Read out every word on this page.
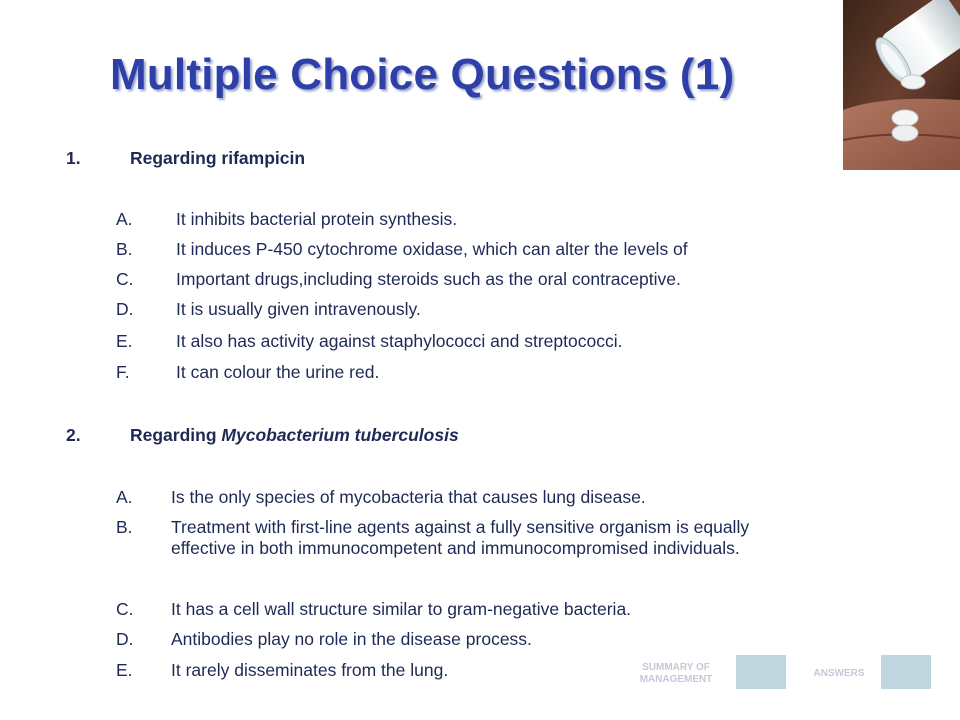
Multiple Choice Questions (1)
1.	Regarding rifampicin
A. It inhibits bacterial protein synthesis.
B. It induces P-450 cytochrome oxidase, which can alter the levels of
C. Important drugs,including steroids such as the oral contraceptive.
D. It is usually given intravenously.
E. It also has activity against staphylococci and streptococci.
F.	It can colour the urine red.
2.	Regarding Mycobacterium tuberculosis
A. Is the only species of mycobacteria that causes lung disease.
B. Treatment with first-line agents against a fully sensitive organism is equally effective in both immunocompetent and immunocompromised individuals.
C. It has a cell wall structure similar to gram-negative bacteria.
D. Antibodies play no role in the disease process.
E. It rarely disseminates from the lung.	SUMMARY OF MANAGEMENT
ANSWERS
